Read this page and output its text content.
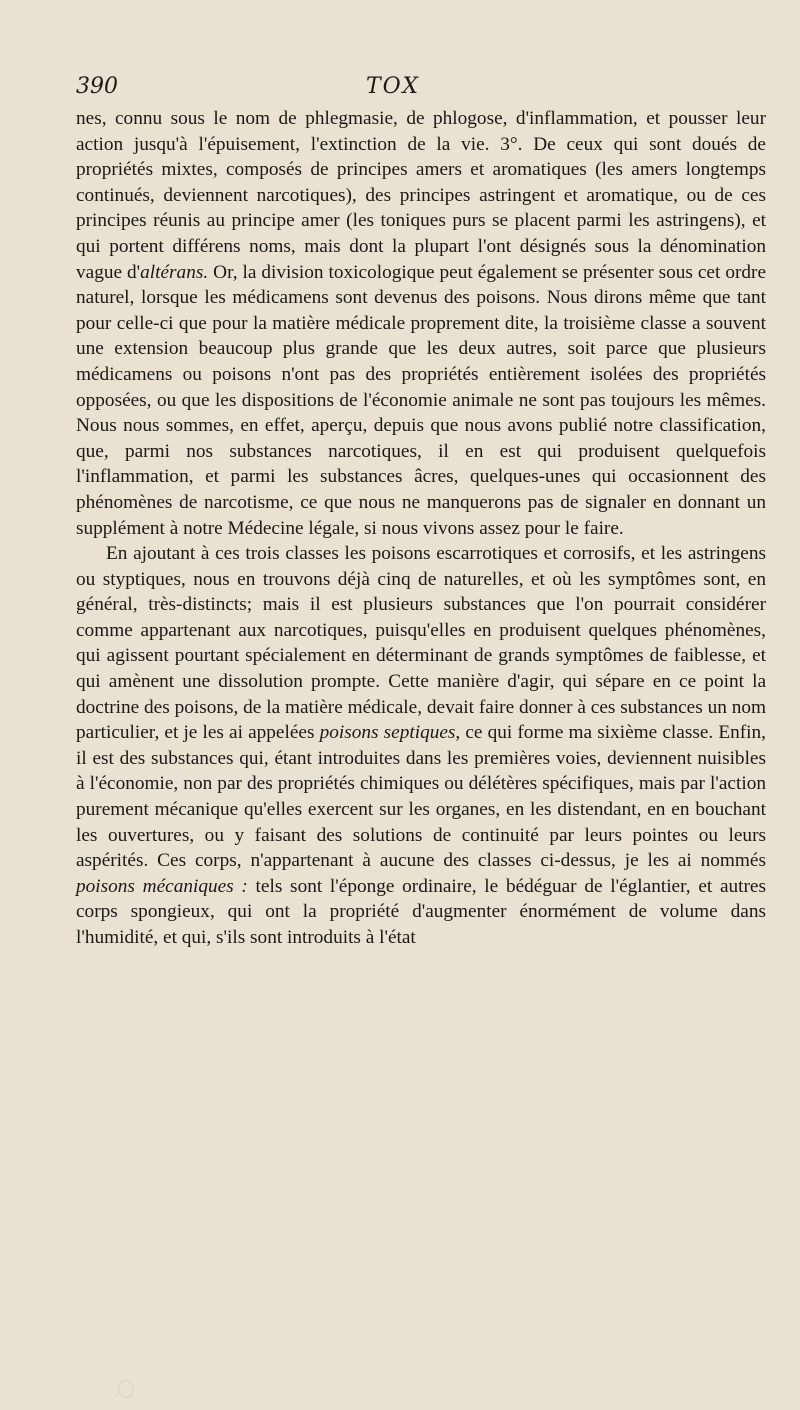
390	TOX

nes, connu sous le nom de phlegmasie, de phlogose, d'inflammation, et pousser leur action jusqu'à l'épuisement, l'extinction de la vie. 3°. De ceux qui sont doués de propriétés mixtes, composés de principes amers et aromatiques (les amers longtemps continués, deviennent narcotiques), des principes astringent et aromatique, ou de ces principes réunis au principe amer (les toniques purs se placent parmi les astringens), et qui portent différens noms, mais dont la plupart l'ont désignés sous la dénomination vague d'altérans. Or, la division toxicologique peut également se présenter sous cet ordre naturel, lorsque les médicamens sont devenus des poisons. Nous dirons même que tant pour celle-ci que pour la matière médicale proprement dite, la troisième classe a souvent une extension beaucoup plus grande que les deux autres, soit parce que plusieurs médicamens ou poisons n'ont pas des propriétés entièrement isolées des propriétés opposées, ou que les dispositions de l'économie animale ne sont pas toujours les mêmes. Nous nous sommes, en effet, aperçu, depuis que nous avons publié notre classification, que, parmi nos substances narcotiques, il en est qui produisent quelquefois l'inflammation, et parmi les substances âcres, quelques-unes qui occasionnent des phénomènes de narcotisme, ce que nous ne manquerons pas de signaler en donnant un supplément à notre Médecine légale, si nous vivons assez pour le faire.

En ajoutant à ces trois classes les poisons escarrotiques et corrosifs, et les astringens ou styptiques, nous en trouvons déjà cinq de naturelles, et où les symptômes sont, en général, très-distincts; mais il est plusieurs substances que l'on pourrait considérer comme appartenant aux narcotiques, puisqu'elles en produisent quelques phénomènes, qui agissent pourtant spécialement en déterminant de grands symptômes de faiblesse, et qui amènent une dissolution prompte. Cette manière d'agir, qui sépare en ce point la doctrine des poisons, de la matière médicale, devait faire donner à ces substances un nom particulier, et je les ai appelées poisons septiques, ce qui forme ma sixième classe. Enfin, il est des substances qui, étant introduites dans les premières voies, deviennent nuisibles à l'économie, non par des propriétés chimiques ou délétères spécifiques, mais par l'action purement mécanique qu'elles exercent sur les organes, en les distendant, en en bouchant les ouvertures, ou y faisant des solutions de continuité par leurs pointes ou leurs aspérités. Ces corps, n'appartenant à aucune des classes ci-dessus, je les ai nommés poisons mécaniques : tels sont l'éponge ordinaire, le bédéguar de l'églantier, et autres corps spongieux, qui ont la propriété d'augmenter énormément de volume dans l'humidité, et qui, s'ils sont introduits à l'état
